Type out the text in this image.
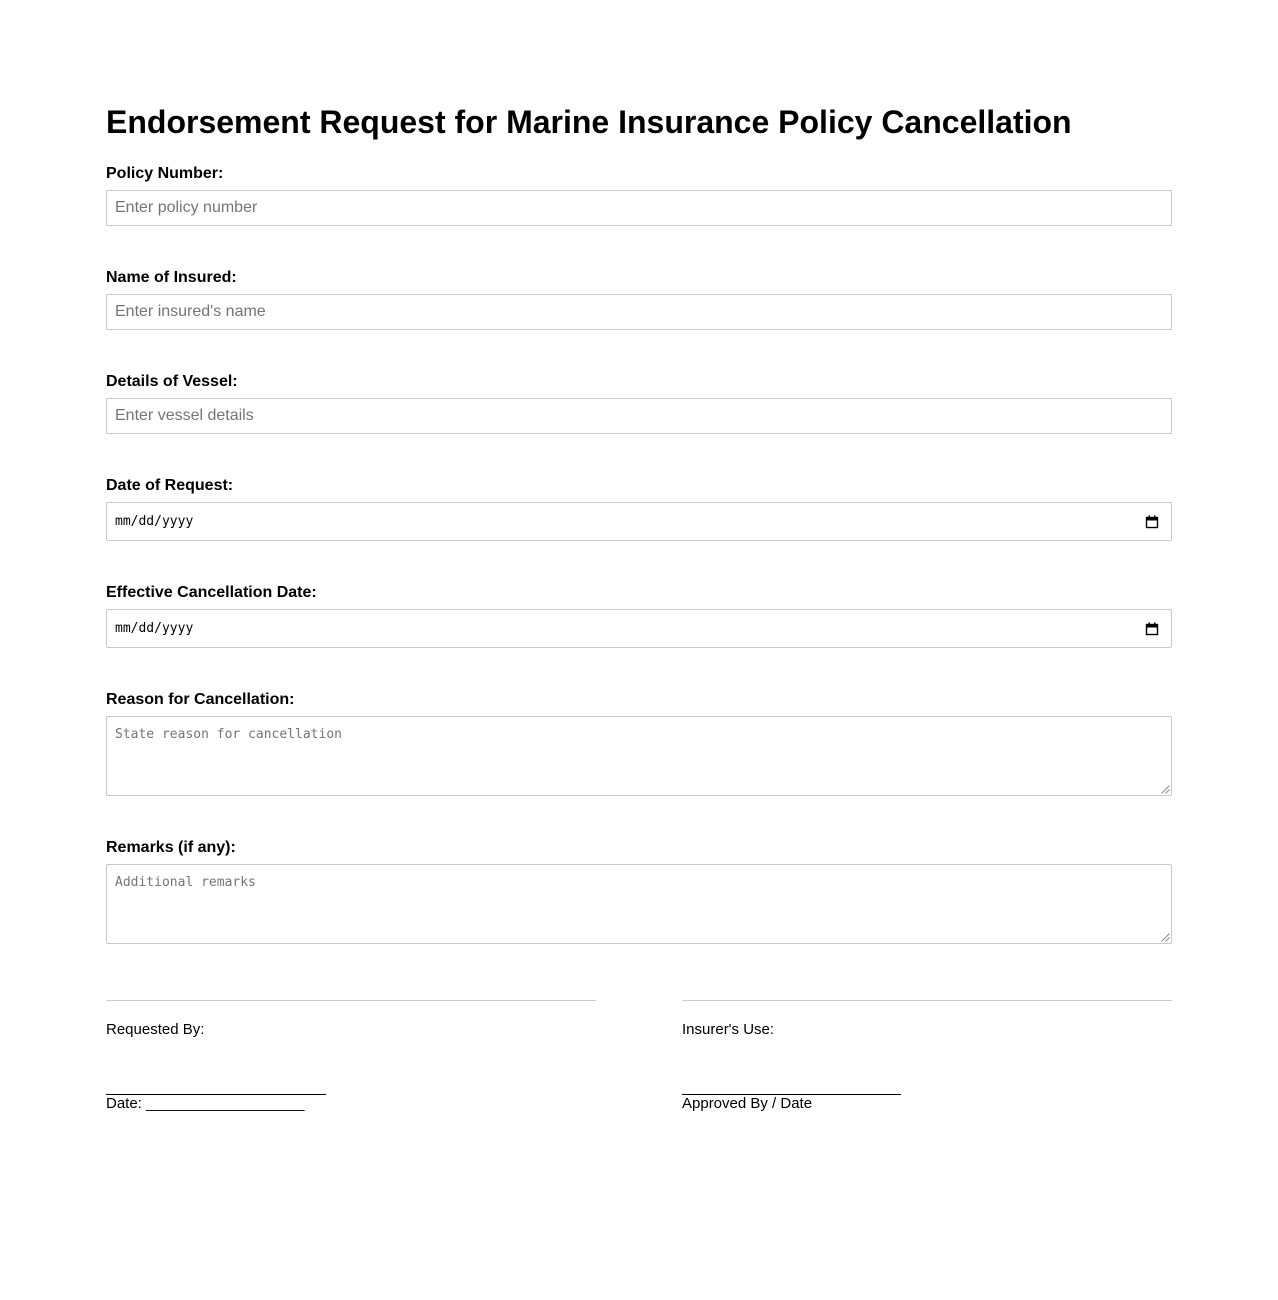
Endorsement Request for Marine Insurance Policy Cancellation
Policy Number:
Enter policy number
Name of Insured:
Enter insured's name
Details of Vessel:
Enter vessel details
Date of Request:
mm/dd/yyyy
Effective Cancellation Date:
mm/dd/yyyy
Reason for Cancellation:
State reason for cancellation
Remarks (if any):
Additional remarks
Requested By:
Date: ___________________
Insurer's Use:
Approved By / Date
